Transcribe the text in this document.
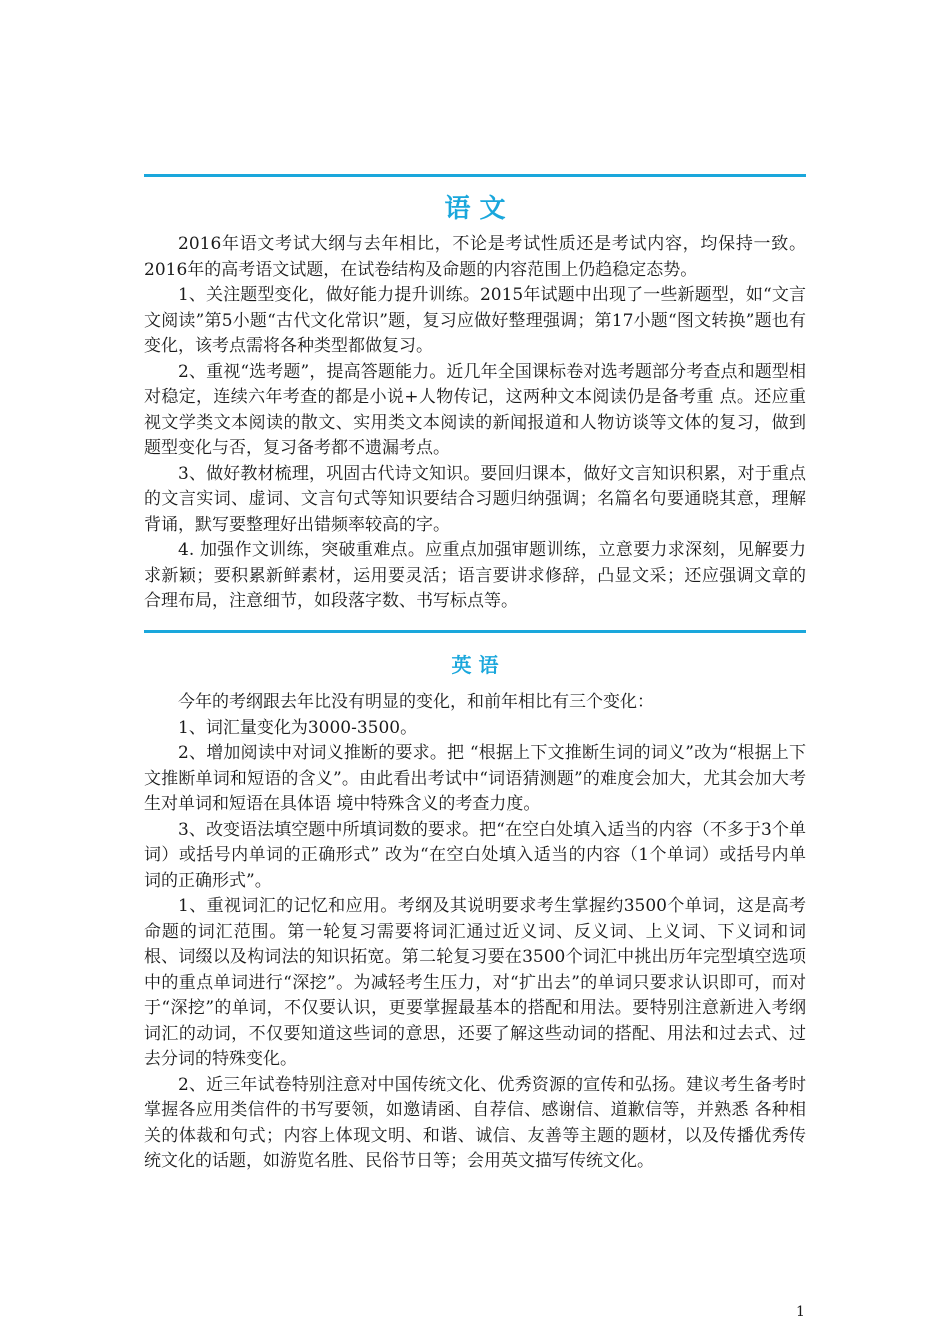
语 文

2016年语文考试大纲与去年相比，不论是考试性质还是考试内容，均保持一致。2016年的高考语文试题，在试卷结构及命题的内容范围上仍趋稳定态势。

1、关注题型变化，做好能力提升训练。2015年试题中出现了一些新题型，如“文言文阅读”第5小题“古代文化常识”题，复习应做好整理强调；第17小题“图文转换”题也有变化，该考点需将各种类型都做复习。

2、重视“选考题”，提高答题能力。近几年全国课标卷对选考题部分考查点和题型相对稳定，连续六年考查的都是小说+人物传记，这两种文本阅读仍是备考重 点。还应重视文学类文本阅读的散文、实用类文本阅读的新闻报道和人物访谈等文体的复习，做到题型变化与否，复习备考都不遗漏考点。

3、做好教材梳理，巩固古代诗文知识。要回归课本，做好文言知识积累，对于重点的文言实词、虚词、文言句式等知识要结合习题归纳强调；名篇名句要通晓其意，理解背诵，默写要整理好出错频率较高的字。

4. 加强作文训练，突破重难点。应重点加强审题训练，立意要力求深刻，见解要力求新颖；要积累新鲜素材，运用要灵活；语言要讲求修辞，凸显文采；还应强调文章的合理布局，注意细节，如段落字数、书写标点等。

英 语

今年的考纲跟去年比没有明显的变化，和前年相比有三个变化：

1、词汇量变化为3000-3500。

2、增加阅读中对词义推断的要求。把 “根据上下文推断生词的词义”改为“根据上下文推断单词和短语的含义”。由此看出考试中“词语猜测题”的难度会加大，尤其会加大考生对单词和短语在具体语 境中特殊含义的考查力度。

3、改变语法填空题中所填词数的要求。把“在空白处填入适当的内容（不多于3个单词）或括号内单词的正确形式” 改为“在空白处填入适当的内容（1个单词）或括号内单词的正确形式”。

1、重视词汇的记忆和应用。考纲及其说明要求考生掌握约3500个单词，这是高考命题的词汇范围。第一轮复习需要将词汇通过近义词、反义词、上义词、下义词和词根、词缀以及构词法的知识拓宽。第二轮复习要在3500个词汇中挑出历年完型填空选项中的重点单词进行“深挖”。为减轻考生压力，对“扩出去”的单词只要求认识即可，而对于“深挖”的单词，不仅要认识，更要掌握最基本的搭配和用法。要特别注意新进入考纲词汇的动词，不仅要知道这些词的意思，还要了解这些动词的搭配、用法和过去式、过去分词的特殊变化。

2、近三年试卷特别注意对中国传统文化、优秀资源的宣传和弘扬。建议考生备考时掌握各应用类信件的书写要领，如邀请函、自荐信、感谢信、道歉信等，并熟悉 各种相关的体裁和句式；内容上体现文明、和谐、诚信、友善等主题的题材，以及传播优秀传统文化的话题，如游览名胜、民俗节日等；会用英文描写传统文化。

1
